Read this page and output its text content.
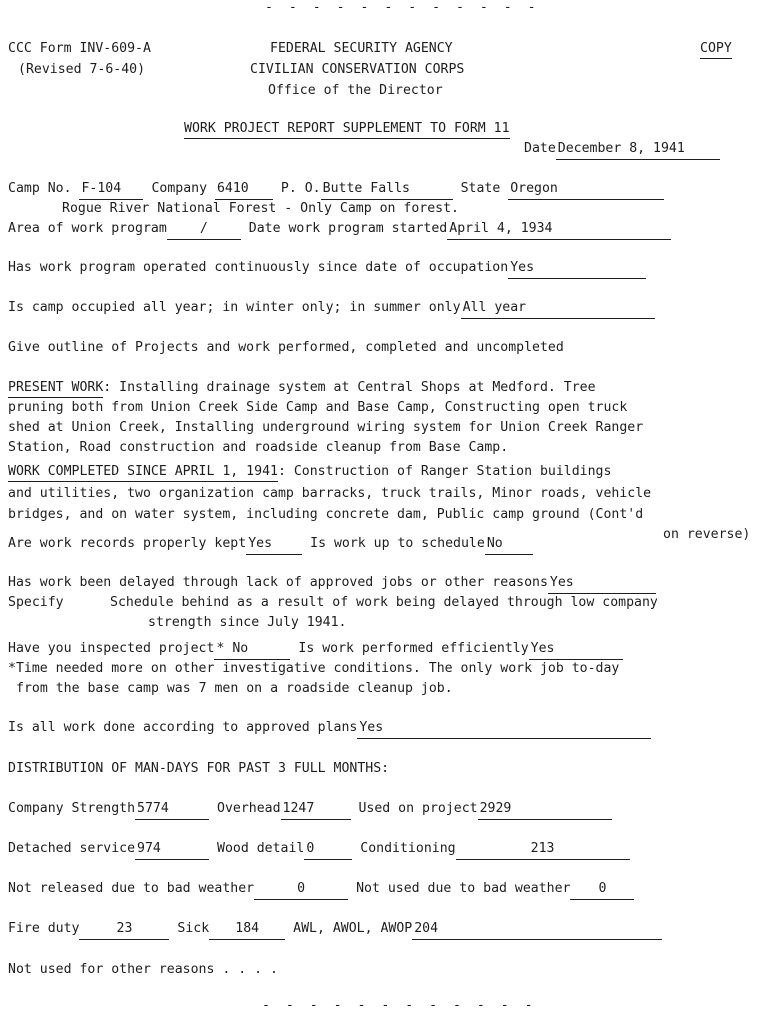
- - - - - - - - - - - -
CCC Form INV-609-A
(Revised 7-6-40)
FEDERAL SECURITY AGENCY
CIVILIAN CONSERVATION CORPS
Office of the Director
COPY
WORK PROJECT REPORT SUPPLEMENT TO FORM 11
Date December 8, 1941
Camp No. F-104 Company 6410 P. O. Butte Falls	State Oregon
Rogue River National Forest - Only Camp on forest.
Area of work program	/	Date work program started April 4, 1934
Has work program operated continuously since date of occupation Yes
Is camp occupied all year; in winter only; in summer only All year
Give outline of Projects and work performed, completed and uncompleted
PRESENT WORK: Installing drainage system at Central Shops at Medford. Tree
pruning both from Union Creek Side Camp and Base Camp, Constructing open truck
shed at Union Creek, Installing underground wiring system for Union Creek Ranger
Station, Road construction and roadside cleanup from Base Camp.
WORK COMPLETED SINCE APRIL 1, 1941: Construction of Ranger Station buildings
and utilities, two organization camp barracks, truck trails, Minor roads, vehicle
bridges, and on water system, including concrete dam, Public camp ground (Cont'd
on reverse)
Are work records properly kept Yes	Is work up to schedule No
Has work been delayed through lack of approved jobs or other reasons Yes
Specify	Schedule behind as a result of work being delayed through low company
strength since July 1941.
Have you inspected project * No	Is work performed efficiently Yes
*Time needed more on other investigative conditions. The only work job to-day
from the base camp was 7 men on a roadside cleanup job.
Is all work done according to approved plans Yes
DISTRIBUTION OF MAN-DAYS FOR PAST 3 FULL MONTHS:
Company Strength 5774	Overhead 1247	Used on project 2929
Detached service 974	Wood detail 0	Conditioning	213
Not released due to bad weather	0	Not used due to bad weather 0
Fire duty	23	Sick 184	AWL, AWOL, AWOP 204
Not used for other reasons . . . .
- - - - - - - - - - - -
